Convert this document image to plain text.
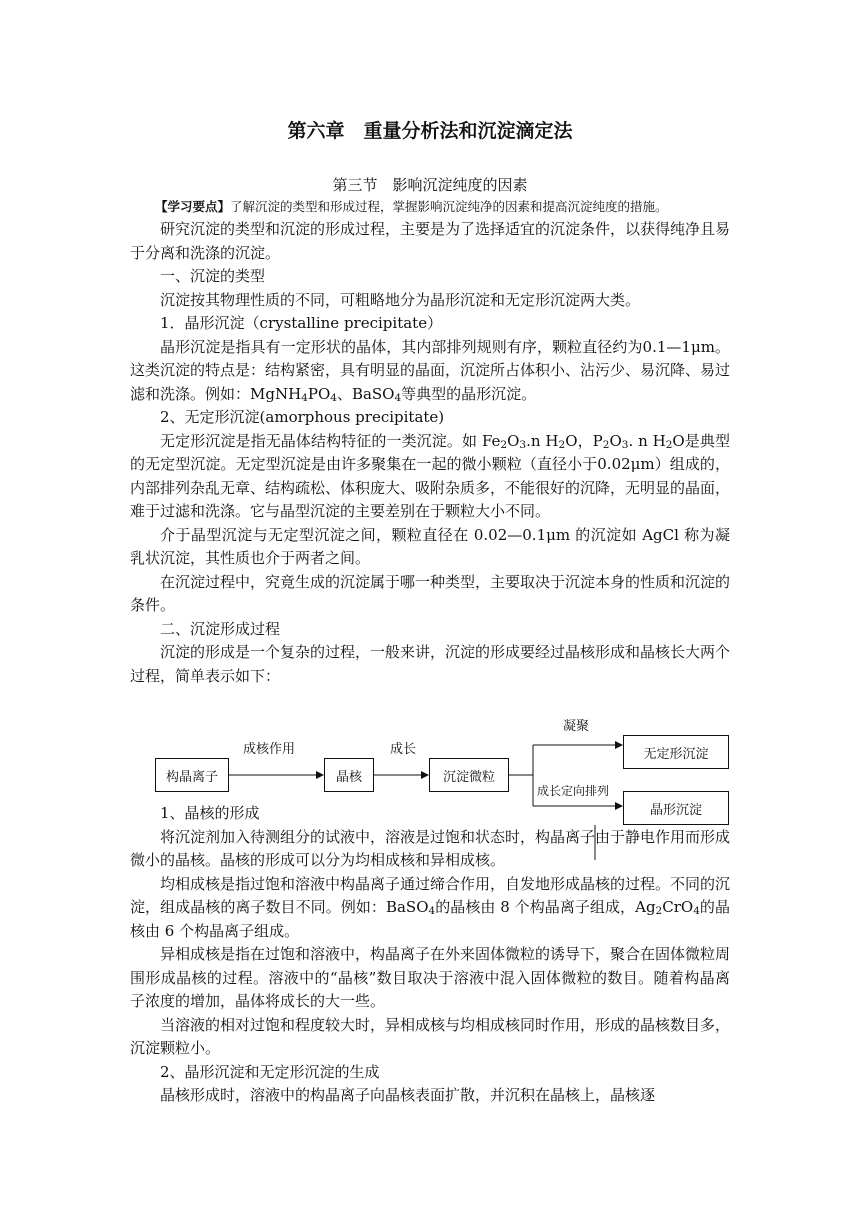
第六章　重量分析法和沉淀滴定法
第三节　影响沉淀纯度的因素

【学习要点】了解沉淀的类型和形成过程，掌握影响沉淀纯净的因素和提高沉淀纯度的措施。

研究沉淀的类型和沉淀的形成过程，主要是为了选择适宜的沉淀条件，以获得纯净且易于分离和洗涤的沉淀。

一、沉淀的类型

沉淀按其物理性质的不同，可粗略地分为晶形沉淀和无定形沉淀两大类。

1．晶形沉淀（crystalline precipitate）

晶形沉淀是指具有一定形状的晶体，其内部排列规则有序，颗粒直径约为0.1—1μm。这类沉淀的特点是：结构紧密，具有明显的晶面，沉淀所占体积小、沾污少、易沉降、易过滤和洗涤。例如：$MgNH_4PO_4$、BaSO$_4$等典型的晶形沉淀。

2、无定形沉淀(amorphous precipitate)

无定形沉淀是指无晶体结构特征的一类沉淀。如 $Fe_2O_3.n$ $H_2O$，$P_2O_3$. n $H_2O$是典型的无定型沉淀。无定型沉淀是由许多聚集在一起的微小颗粒（直径小于0.02μm）组成的，内部排列杂乱无章、结构疏松、体积庞大、吸附杂质多，不能很好的沉降，无明显的晶面，难于过滤和洗涤。它与晶型沉淀的主要差别在于颗粒大小不同。

介于晶型沉淀与无定型沉淀之间，颗粒直径在 0.02—0.1μm 的沉淀如 AgCl 称为凝乳状沉淀，其性质也介于两者之间。

在沉淀过程中，究竟生成的沉淀属于哪一种类型，主要取决于沉淀本身的性质和沉淀的条件。

二、沉淀形成过程

沉淀的形成是一个复杂的过程，一般来讲，沉淀的形成要经过晶核形成和晶核长大两个过程，简单表示如下：

构晶离子	晶核	沉淀微粒
无定形沉淀
晶形沉淀
成核作用	成长
凝聚
成长定向排列

1、晶核的形成

将沉淀剂加入待测组分的试液中，溶液是过饱和状态时，构晶离子由于静电作用而形成微小的晶核。晶核的形成可以分为均相成核和异相成核。

均相成核是指过饱和溶液中构晶离子通过缔合作用，自发地形成晶核的过程。不同的沉淀，组成晶核的离子数目不同。例如：BaSO$_4$的晶核由 8 个构晶离子组成，$Ag_2CrO_4$的晶核由 6 个构晶离子组成。

异相成核是指在过饱和溶液中，构晶离子在外来固体微粒的诱导下，聚合在固体微粒周围形成晶核的过程。溶液中的“晶核”数目取决于溶液中混入固体微粒的数目。随着构晶离子浓度的增加，晶体将成长的大一些。

当溶液的相对过饱和程度较大时，异相成核与均相成核同时作用，形成的晶核数目多，沉淀颗粒小。

2、晶形沉淀和无定形沉淀的生成

晶核形成时，溶液中的构晶离子向晶核表面扩散，并沉积在晶核上，晶核逐
